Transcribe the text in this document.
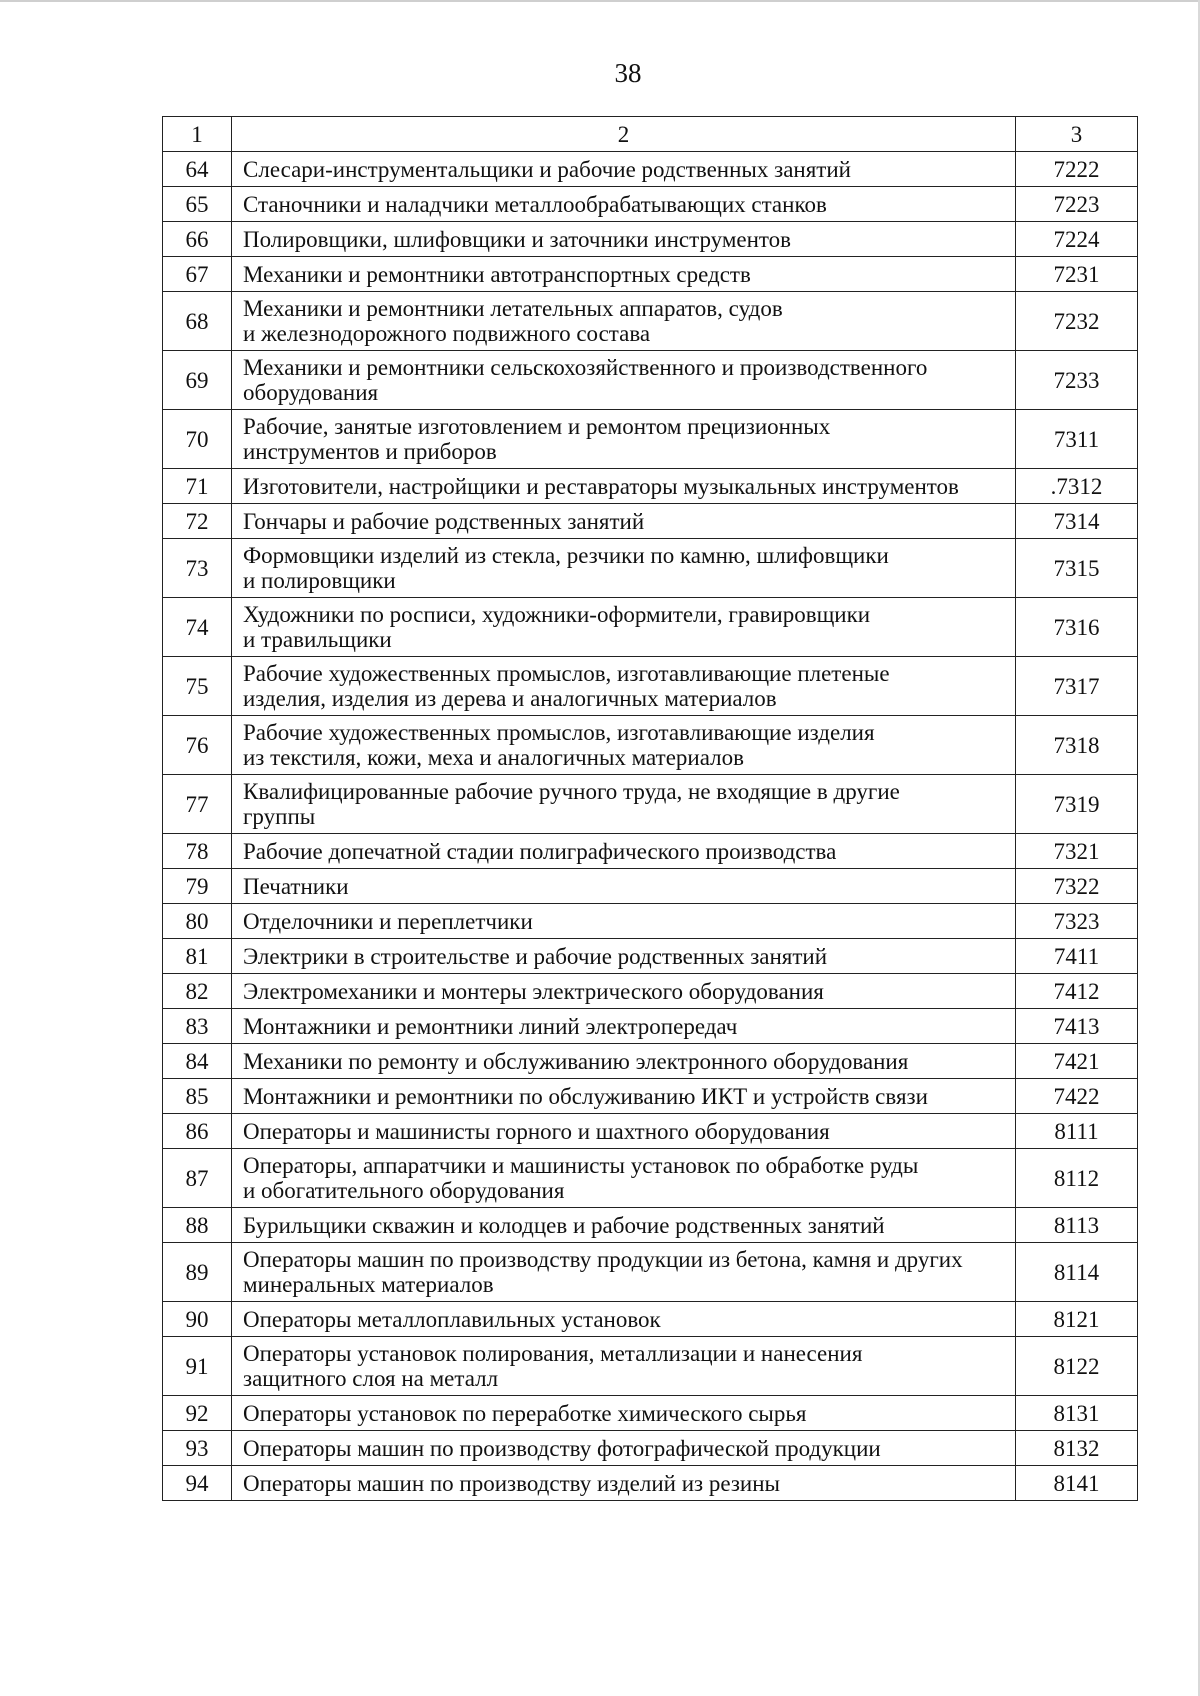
38
1	2	3
64	Слесари-инструментальщики и рабочие родственных занятий	7222
65	Станочники и наладчики металлообрабатывающих станков	7223
66	Полировщики, шлифовщики и заточники инструментов	7224
67	Механики и ремонтники автотранспортных средств	7231
68	Механики и ремонтники летательных аппаратов, судов
и железнодорожного подвижного состава	7232
69	Механики и ремонтники сельскохозяйственного и производственного
оборудования	7233
70	Рабочие, занятые изготовлением и ремонтом прецизионных
инструментов и приборов	7311
71	Изготовители, настройщики и реставраторы музыкальных инструментов	.7312
72	Гончары и рабочие родственных занятий	7314
73	Формовщики изделий из стекла, резчики по камню, шлифовщики
и полировщики	7315
74	Художники по росписи, художники-оформители, гравировщики
и травильщики	7316
75	Рабочие художественных промыслов, изготавливающие плетеные
изделия, изделия из дерева и аналогичных материалов	7317
76	Рабочие художественных промыслов, изготавливающие изделия
из текстиля, кожи, меха и аналогичных материалов	7318
77	Квалифицированные рабочие ручного труда, не входящие в другие
группы	7319
78	Рабочие допечатной стадии полиграфического производства	7321
79	Печатники	7322
80	Отделочники и переплетчики	7323
81	Электрики в строительстве и рабочие родственных занятий	7411
82	Электромеханики и монтеры электрического оборудования	7412
83	Монтажники и ремонтники линий электропередач	7413
84	Механики по ремонту и обслуживанию электронного оборудования	7421
85	Монтажники и ремонтники по обслуживанию ИКТ и устройств связи	7422
86	Операторы и машинисты горного и шахтного оборудования	8111
87	Операторы, аппаратчики и машинисты установок по обработке руды
и обогатительного оборудования	8112
88	Бурильщики скважин и колодцев и рабочие родственных занятий	8113
89	Операторы машин по производству продукции из бетона, камня и других
минеральных материалов	8114
90	Операторы металлоплавильных установок	8121
91	Операторы установок полирования, металлизации и нанесения
защитного слоя на металл	8122
92	Операторы установок по переработке химического сырья	8131
93	Операторы машин по производству фотографической продукции	8132
94	Операторы машин по производству изделий из резины	8141
